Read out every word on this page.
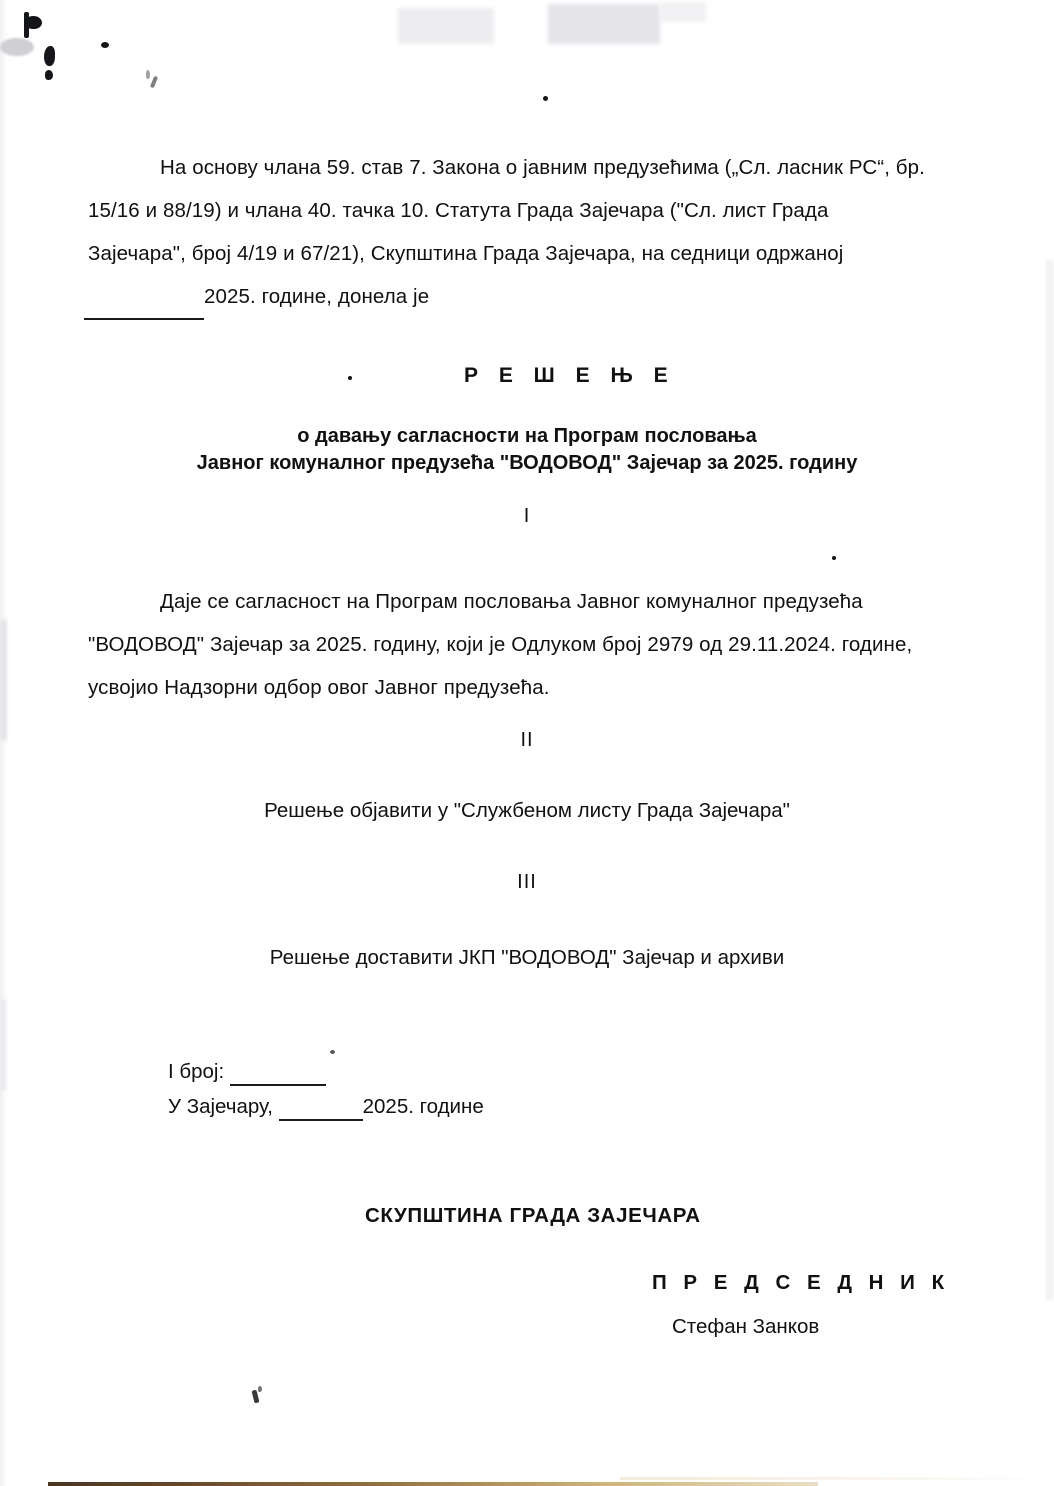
На основу члана 59. став 7. Закона о јавним предузећима („Сл. ласник РС“, бр.
15/16 и 88/19) и члана 40. тачка 10. Статута Града Зајечара ("Сл. лист Града
Зајечара", број 4/19 и 67/21), Скупштина Града Зајечара, на седници одржаној
2025. године, донела је
Р Е Ш Е Њ Е
о давању сагласности на Програм пословања
Јавног комуналног предузећа "ВОДОВОД" Зајечар за 2025. годину
I
Даје се сагласност на Програм пословања Јавног комуналног предузећа
"ВОДОВОД" Зајечар за 2025. годину, који је Одлуком број 2979 од 29.11.2024. године,
усвојио Надзорни одбор овог Јавног предузећа.
II
Решење објавити у "Службеном листу Града Зајечара"
III
Решење доставити ЈКП "ВОДОВОД" Зајечар и архиви
I број:
У Зајечару,	2025. године
СКУПШТИНА ГРАДА ЗАЈЕЧАРА
П Р Е Д С Е Д Н И К
Стефан Занков
